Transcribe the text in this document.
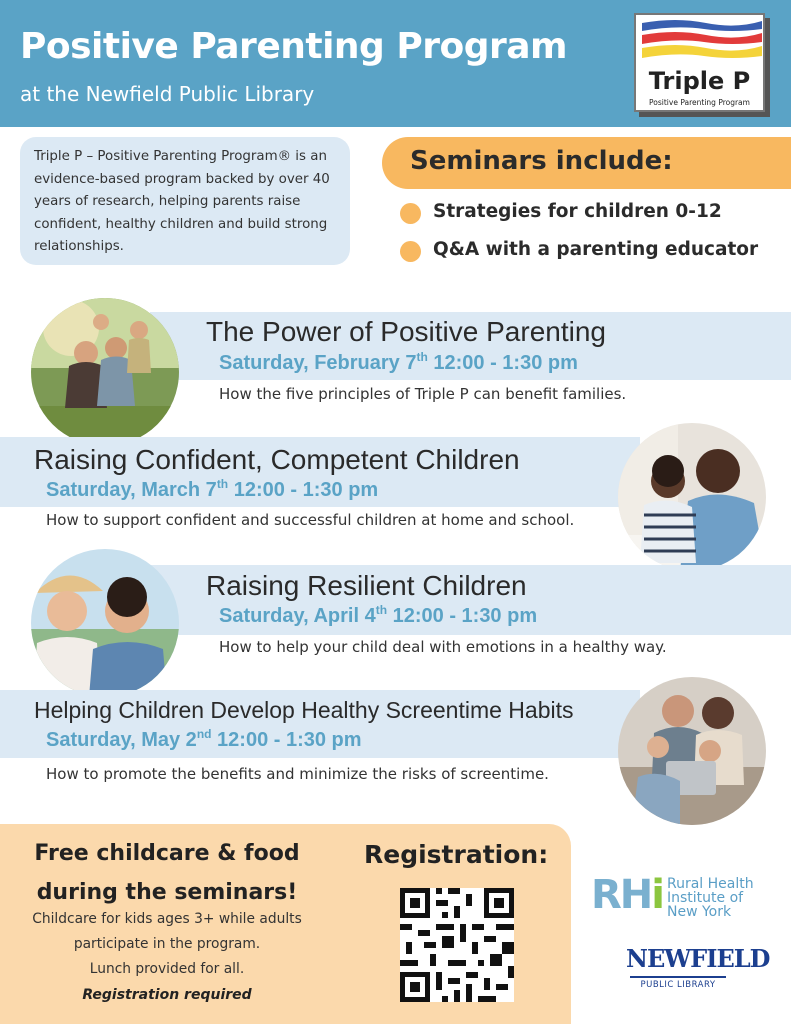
Positive Parenting Program
at the Newfield Public Library	Triple P
Positive Parenting Program
Triple P – Positive Parenting Program® is an evidence-based program backed by over 40 years of research, helping parents raise confident, healthy children and build strong relationships.
Seminars include:
Strategies for children 0-12
Q&A with a parenting educator
The Power of Positive Parenting
Saturday, February 7th 12:00 - 1:30 pm
How the five principles of Triple P can benefit families.
Raising Confident, Competent Children
Saturday, March 7th 12:00 - 1:30 pm
How to support confident and successful children at home and school.
Raising Resilient Children
Saturday, April 4th 12:00 - 1:30 pm
How to help your child deal with emotions in a healthy way.
Helping Children Develop Healthy Screentime Habits
Saturday, May 2nd 12:00 - 1:30 pm
How to promote the benefits and minimize the risks of screentime.
Free childcare & food
during the seminars!
Childcare for kids ages 3+ while adults
participate in the program.
Lunch provided for all.
Registration required
Registration:
RHi Rural Health
Institute of
New York
NEWFIELD
PUBLIC LIBRARY
